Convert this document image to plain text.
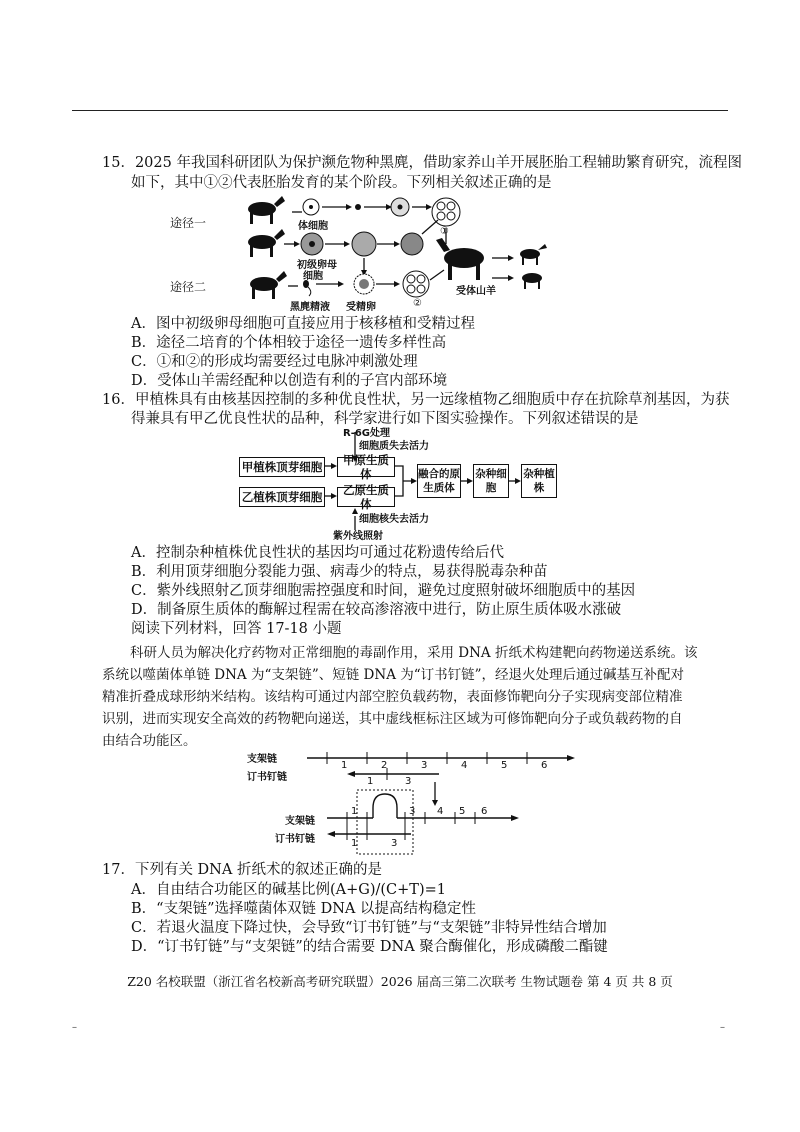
15．2025 年我国科研团队为保护濒危物种黑麂，借助家养山羊开展胚胎工程辅助繁育研究，流程图
如下，其中①②代表胚胎发育的某个阶段。下列相关叙述正确的是
途径一
途径二
体细胞
初级卵母
细胞
黑麂精液 受精卵
受体山羊
①
②
A．图中初级卵母细胞可直接应用于核移植和受精过程
B．途径二培育的个体相较于途径一遗传多样性高
C．①和②的形成均需要经过电脉冲刺激处理
D．受体山羊需经配种以创造有利的子宫内部环境
16．甲植株具有由核基因控制的多种优良性状，另一远缘植物乙细胞质中存在抗除草剂基因，为获
得兼具有甲乙优良性状的品种，科学家进行如下图实验操作。下列叙述错误的是
R-6G处理
细胞质失去活力
甲植株顶芽细胞
乙植株顶芽细胞
甲原生质体
乙原生质体
融合的原生质体
杂种细胞
杂种植株
细胞核失去活力
紫外线照射
A．控制杂种植株优良性状的基因均可通过花粉遗传给后代
B．利用顶芽细胞分裂能力强、病毒少的特点，易获得脱毒杂种苗
C．紫外线照射乙顶芽细胞需控强度和时间，避免过度照射破坏细胞质中的基因
D．制备原生质体的酶解过程需在较高渗溶液中进行，防止原生质体吸水涨破
阅读下列材料，回答 17-18 小题
科研人员为解决化疗药物对正常细胞的毒副作用，采用 DNA 折纸术构建靶向药物递送系统。该
系统以噬菌体单链 DNA 为“支架链”、短链 DNA 为“订书钉链”，经退火处理后通过碱基互补配对
精准折叠成球形纳米结构。该结构可通过内部空腔负载药物，表面修饰靶向分子实现病变部位精准
识别，进而实现安全高效的药物靶向递送，其中虚线框标注区域为可修饰靶向分子或负载药物的自
由结合功能区。
支架链
订书钉链
1	2	3	4	5	6
1	3
支架链
订书钉链
1	3 4 5 6
1	3
17．下列有关 DNA 折纸术的叙述正确的是
A．自由结合功能区的碱基比例(A+G)/(C+T)=1
B．“支架链”选择噬菌体双链 DNA 以提高结构稳定性
C．若退火温度下降过快，会导致“订书钉链”与“支架链”非特异性结合增加
D．“订书钉链”与“支架链”的结合需要 DNA 聚合酶催化，形成磷酸二酯键
Z20 名校联盟（浙江省名校新高考研究联盟）2026 届高三第二次联考 生物试题卷 第 4 页 共 8 页
–	–
